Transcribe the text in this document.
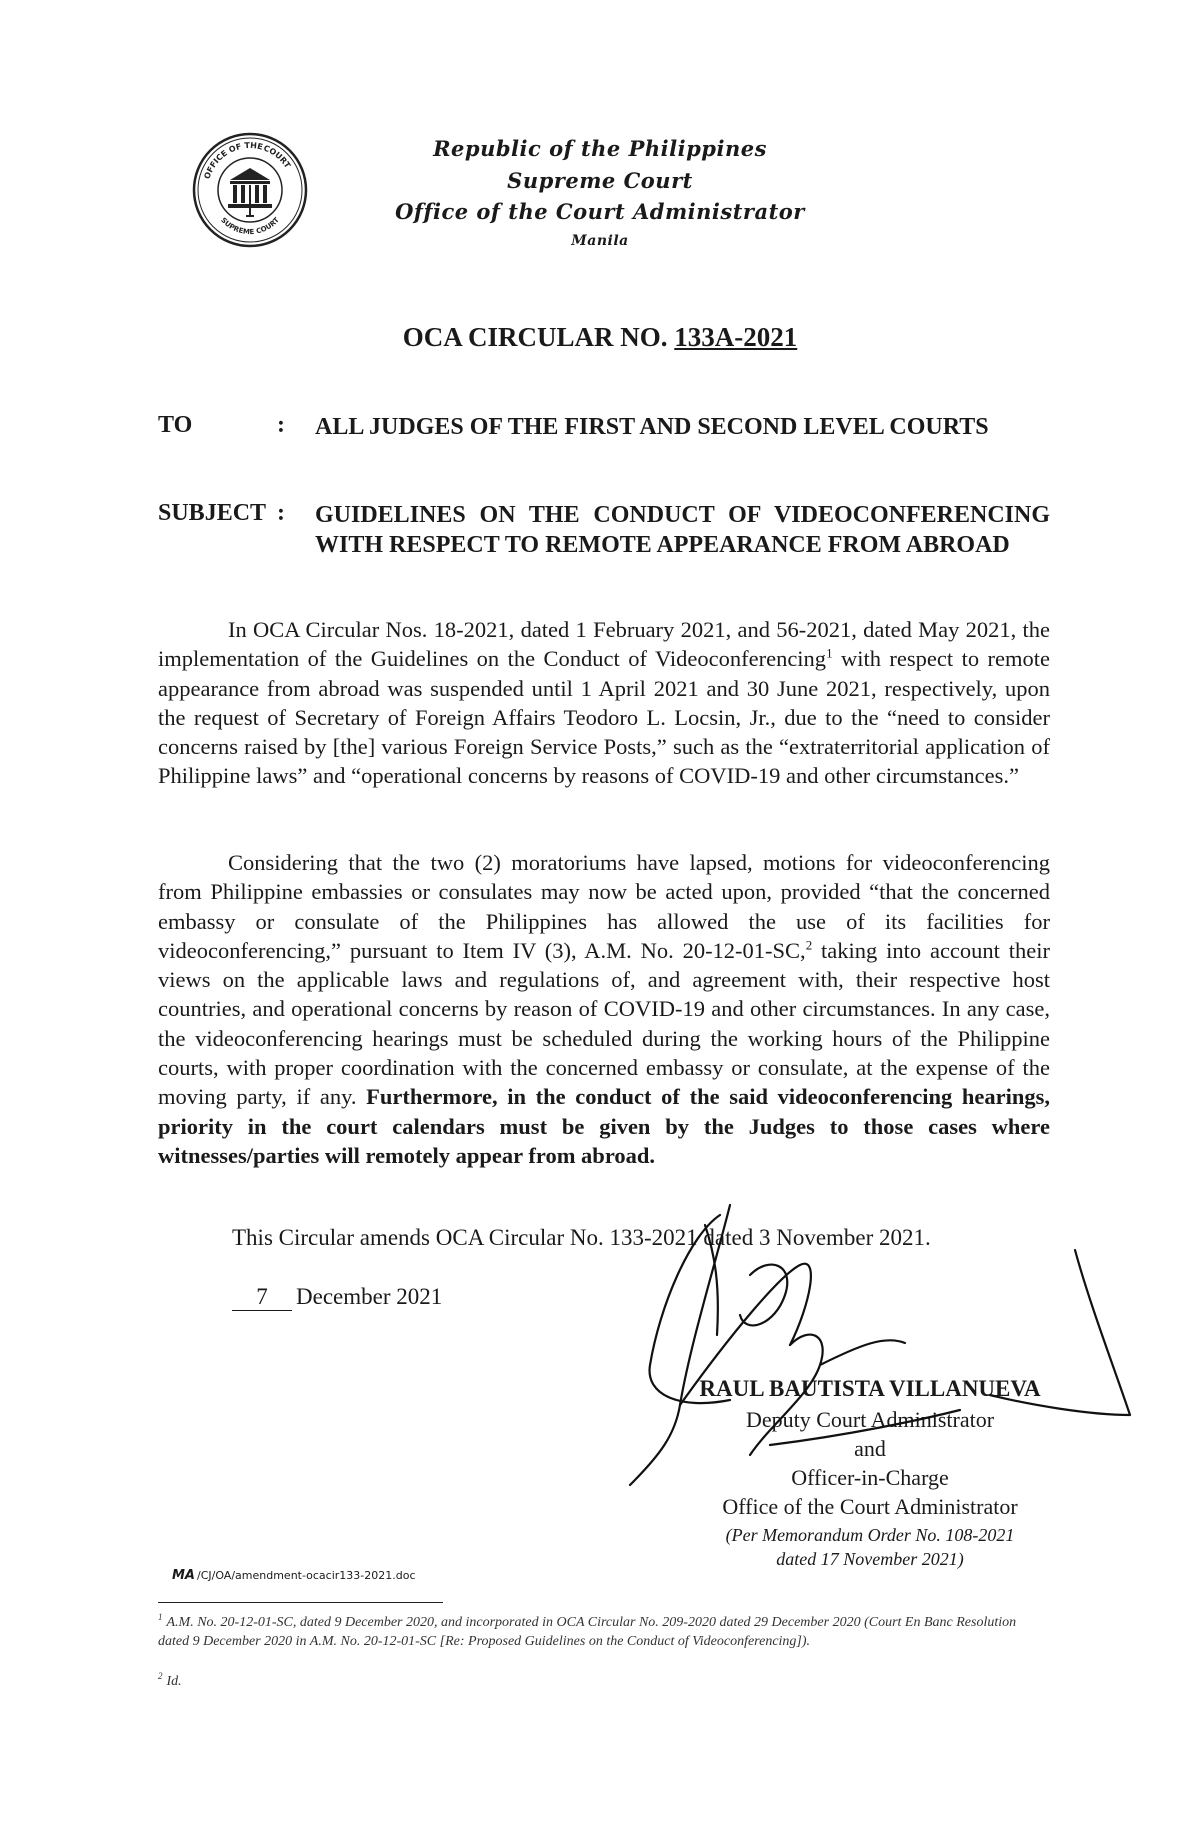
OFFICE OF THE
COURT
SUPREME COURT
Republic of the Philippines
Supreme Court
Office of the Court Administrator
Manila
OCA CIRCULAR NO. 133A-2021
TO	: ALL JUDGES OF THE FIRST AND SECOND LEVEL COURTS
SUBJECT : GUIDELINES ON THE CONDUCT OF VIDEOCONFERENCING WITH RESPECT TO REMOTE APPEARANCE FROM ABROAD

In OCA Circular Nos. 18-2021, dated 1 February 2021, and 56-2021, dated May 2021, the implementation of the Guidelines on the Conduct of Videoconferencing$^1$ with respect to remote appearance from abroad was suspended until 1 April 2021 and 30 June 2021, respectively, upon the request of Secretary of Foreign Affairs Teodoro L. Locsin, Jr., due to the “need to consider concerns raised by [the] various Foreign Service Posts,” such as the “extraterritorial application of Philippine laws” and “operational concerns by reasons of COVID-19 and other circumstances.”

Considering that the two (2) moratoriums have lapsed, motions for videoconferencing from Philippine embassies or consulates may now be acted upon, provided “that the concerned embassy or consulate of the Philippines has allowed the use of its facilities for videoconferencing,” pursuant to Item IV (3), A.M. No. 20-12-01-SC,$^2$ taking into account their views on the applicable laws and regulations of, and agreement with, their respective host countries, and operational concerns by reason of COVID-19 and other circumstances. In any case, the videoconferencing hearings must be scheduled during the working hours of the Philippine courts, with proper coordination with the concerned embassy or consulate, at the expense of the moving party, if any. Furthermore, in the conduct of the said videoconferencing hearings, priority in the court calendars must be given by the Judges to those cases where witnesses/parties will remotely appear from abroad.

This Circular amends OCA Circular No. 133-2021 dated 3 November 2021.
7 December 2021
RAUL BAUTISTA VILLANUEVA
Deputy Court Administrator
and
Officer-in-Charge
Office of the Court Administrator
(Per Memorandum Order No. 108-2021
dated 17 November 2021)
MA /CJ/OA/amendment-ocacir133-2021.doc
$^1$ A.M. No. 20-12-01-SC, dated 9 December 2020, and incorporated in OCA Circular No. 209-2020 dated 29 December 2020 (Court En Banc Resolution dated 9 December 2020 in A.M. No. 20-12-01-SC [Re: Proposed Guidelines on the Conduct of Videoconferencing]).
$^2$ Id.
